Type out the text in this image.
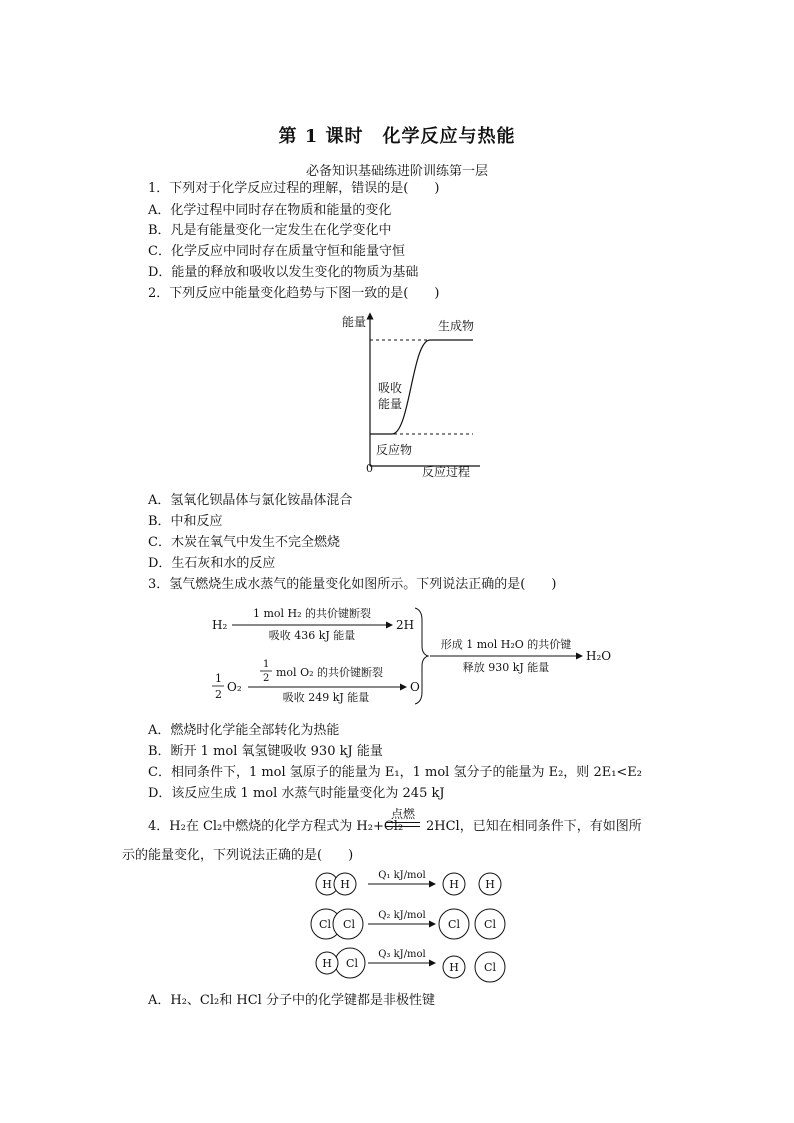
第 1 课时　化学反应与热能
必备知识基础练进阶训练第一层
1．下列对于化学反应过程的理解，错误的是(　　)
A．化学过程中同时存在物质和能量的变化
B．凡是有能量变化一定发生在化学变化中
C．化学反应中同时存在质量守恒和能量守恒
D．能量的释放和吸收以发生变化的物质为基础
2．下列反应中能量变化趋势与下图一致的是(　　)
能量	生成物
吸收
能量
反应物
0	反应过程
A．氢氧化钡晶体与氯化铵晶体混合
B．中和反应
C．木炭在氧气中发生不完全燃烧
D．生石灰和水的反应
3．氢气燃烧生成水蒸气的能量变化如图所示。下列说法正确的是(　　)
H₂
1 mol H₂ 的共价键断裂
吸收 436 kJ 能量
2H
1
2
O₂
1
2 mol O₂ 的共价键断裂
吸收 249 kJ 能量
O
形成 1 mol H₂O 的共价键
释放 930 kJ 能量
H₂O
A．燃烧时化学能全部转化为热能
B．断开 1 mol 氧氢键吸收 930 kJ 能量
C．相同条件下，1 mol 氢原子的能量为 E₁，1 mol 氢分子的能量为 E₂，则 2E₁<E₂
D．该反应生成 1 mol 水蒸气时能量变化为 245 kJ
4．H₂在 Cl₂中燃烧的化学方程式为 H₂+Cl₂
点燃
2HCl，已知在相同条件下，有如图所
示的能量变化，下列说法正确的是(　　)
H H
Q₁ kJ/mol
H H
Cl Cl
Q₂ kJ/mol
Cl Cl
H Cl
Q₃ kJ/mol
H Cl
A．H₂、Cl₂和 HCl 分子中的化学键都是非极性键
